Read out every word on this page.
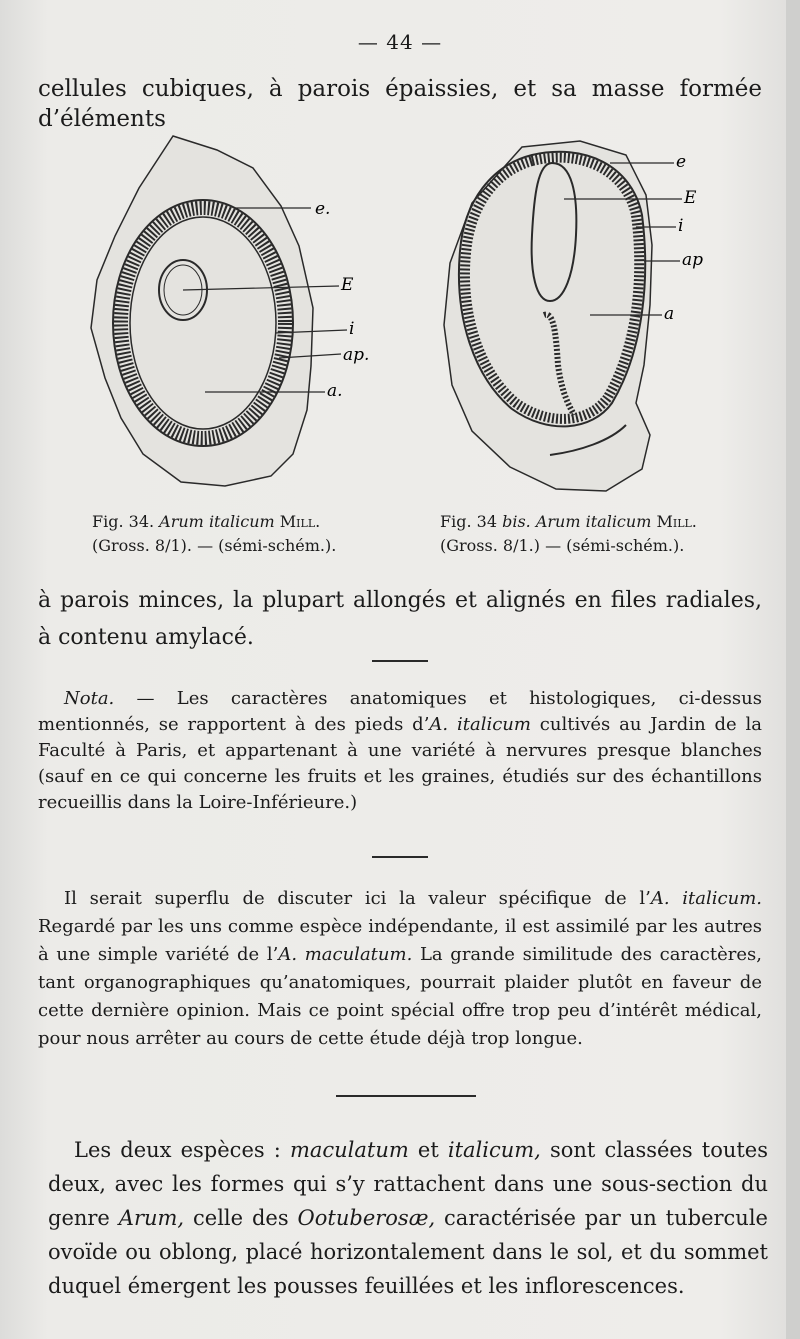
— 44 —
cellules cubiques, à parois épaissies, et sa masse formée d’éléments
e.
E
i
ap.
a.
e
E
i
ap
a
Fig. 34. Arum italicum Mill.
(Gross. 8/1). — (sémi-schém.).
Fig. 34 bis. Arum italicum Mill.
(Gross. 8/1.) — (sémi-schém.).
à parois minces, la plupart allongés et alignés en files radiales, à contenu amylacé.
Nota. — Les caractères anatomiques et histologiques, ci-dessus mentionnés, se rapportent à des pieds d’A. italicum cultivés au Jardin de la Faculté à Paris, et appartenant à une variété à nervures presque blanches (sauf en ce qui concerne les fruits et les graines, étudiés sur des échantillons recueillis dans la Loire-Inférieure.)
Il serait superflu de discuter ici la valeur spécifique de l’A. italicum. Regardé par les uns comme espèce indépendante, il est assimilé par les autres à une simple variété de l’A. maculatum. La grande similitude des caractères, tant organographiques qu’anatomiques, pourrait plaider plutôt en faveur de cette dernière opinion. Mais ce point spécial offre trop peu d’intérêt médical, pour nous arrêter au cours de cette étude déjà trop longue.
Les deux espèces : maculatum et italicum, sont classées toutes deux, avec les formes qui s’y rattachent dans une sous-section du genre Arum, celle des Ootuberosæ, caractérisée par un tubercule ovoïde ou oblong, placé horizontalement dans le sol, et du sommet duquel émergent les pousses feuillées et les inflorescences.
